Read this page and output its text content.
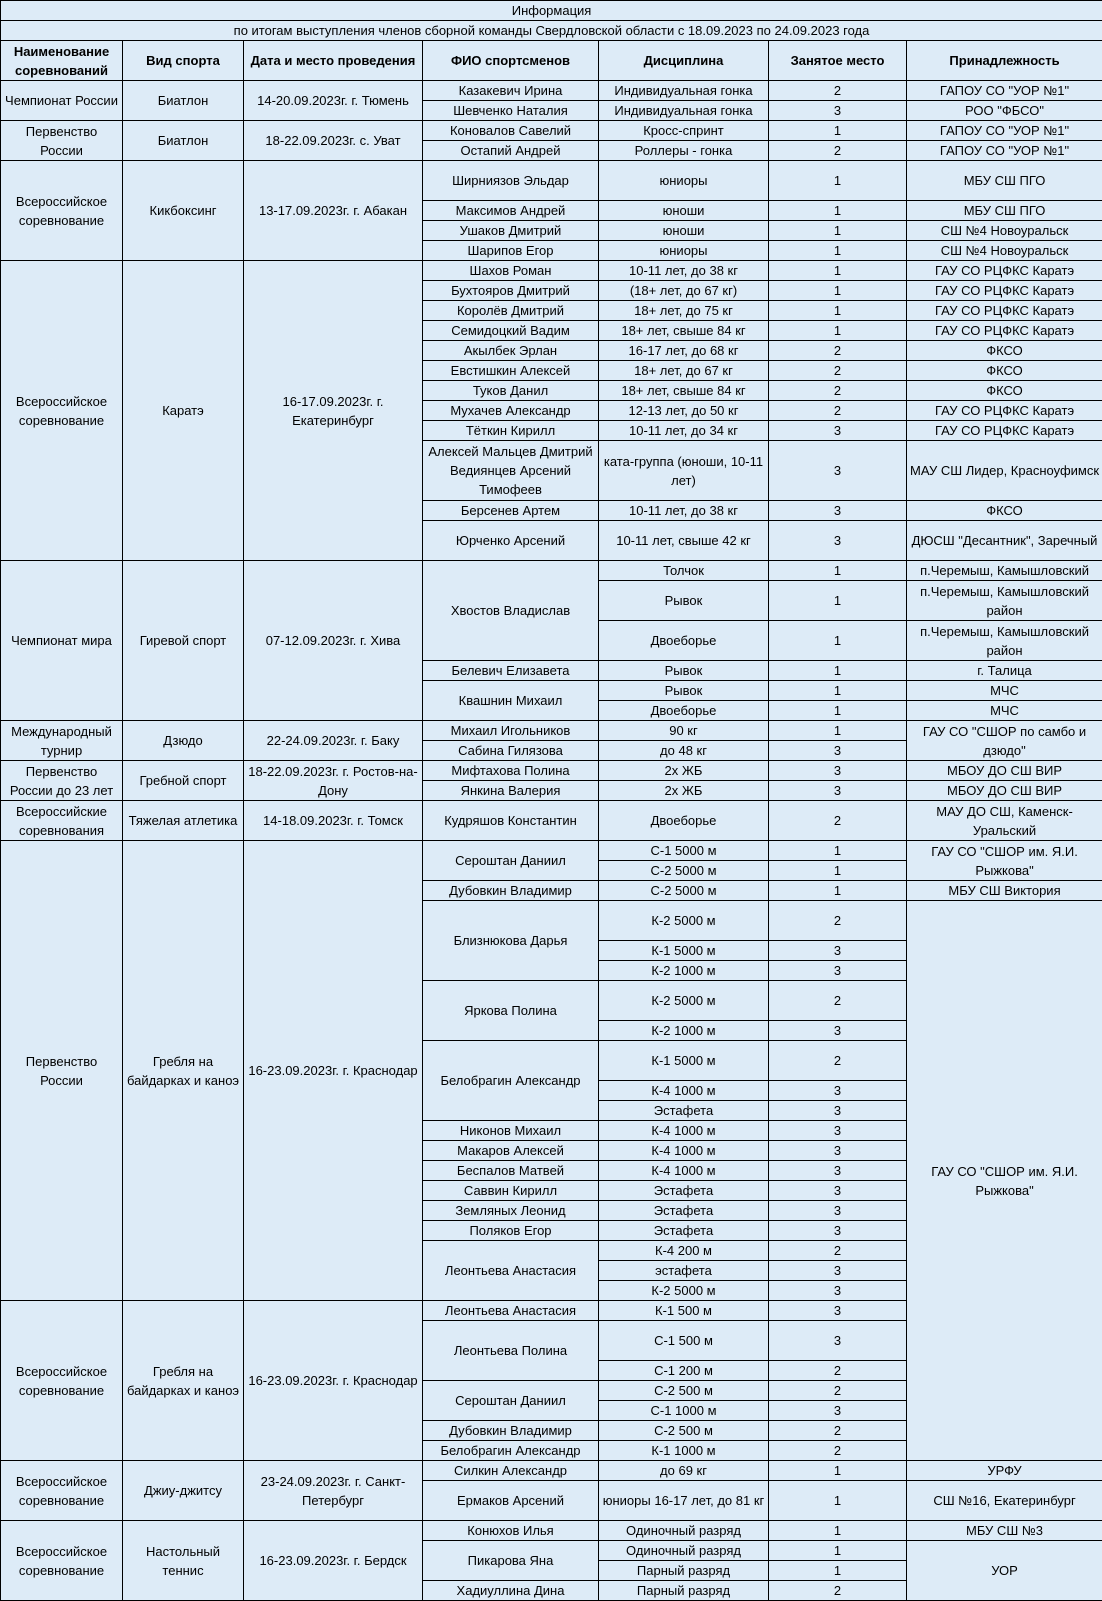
Информация						
по итогам выступления членов сборной команды Свердловской области с 18.09.2023 по 24.09.2023 года						
Наименование соревнований	Вид спорта	Дата и место проведения	ФИО спортсменов	Дисциплина	Занятое место	Принадлежность
Чемпионат России	Биатлон	14-20.09.2023г. г. Тюмень	Казакевич Ирина	Индивидуальная гонка	2	ГАПОУ СО "УОР №1"
			Шевченко Наталия	Индивидуальная гонка	3	РОО "ФБСО"
Первенство России	Биатлон	18-22.09.2023г. с. Уват	Коновалов Савелий	Кросс-спринт	1	ГАПОУ СО "УОР №1"
			Остапий Андрей	Роллеры - гонка	2	ГАПОУ СО "УОР №1"
Всероссийское соревнование	Кикбоксинг	13-17.09.2023г. г. Абакан	Ширниязов Эльдар	юниоры	1	МБУ СШ ПГО
			Максимов Андрей	юноши	1	МБУ СШ ПГО
			Ушаков Дмитрий	юноши	1	СШ №4 Новоуральск
			Шарипов Егор	юниоры	1	СШ №4 Новоуральск
Всероссийское соревнование	Каратэ	16-17.09.2023г. г. Екатеринбург	Шахов Роман	10-11 лет, до 38 кг	1	ГАУ СО РЦФКС Каратэ
			Бухтояров Дмитрий	(18+ лет, до 67 кг)	1	ГАУ СО РЦФКС Каратэ
			Королёв Дмитрий	18+ лет, до 75 кг	1	ГАУ СО РЦФКС Каратэ
			Семидоцкий Вадим	18+ лет, свыше 84 кг	1	ГАУ СО РЦФКС Каратэ
			Акылбек Эрлан	16-17 лет, до 68 кг	2	ФКСО
			Евстишкин Алексей	18+ лет, до 67 кг	2	ФКСО
			Туков Данил	18+ лет, свыше 84 кг	2	ФКСО
			Мухачев Александр	12-13 лет, до 50 кг	2	ГАУ СО РЦФКС Каратэ
			Тёткин Кирилл	10-11 лет, до 34 кг	3	ГАУ СО РЦФКС Каратэ
			Алексей Мальцев Дмитрий Ведиянцев Арсений Тимофеев	ката-группа (юноши, 10-11 лет)	3	МАУ СШ Лидер, Красноуфимск
			Берсенев Артем	10-11 лет, до 38 кг	3	ФКСО
			Юрченко Арсений	10-11 лет, свыше 42 кг	3	ДЮСШ "Десантник", Заречный
Чемпионат мира	Гиревой спорт	07-12.09.2023г. г. Хива	Хвостов Владислав	Толчок	1	п.Черемыш, Камышловский
				Рывок	1	п.Черемыш, Камышловский район
				Двоеборье	1	п.Черемыш, Камышловский район
			Белевич Елизавета	Рывок	1	г. Талица
			Квашнин Михаил	Рывок	1	МЧС
				Двоеборье	1	МЧС
Международный турнир	Дзюдо	22-24.09.2023г. г. Баку	Михаил Игольников	90 кг	1	ГАУ СО "СШОР по самбо и дзюдо"
			Сабина Гилязова	до 48 кг	3	
Первенство России до 23 лет	Гребной спорт	18-22.09.2023г. г. Ростов-на-Дону	Мифтахова Полина	2х ЖБ	3	МБОУ ДО СШ ВИР
			Янкина Валерия	2х ЖБ	3	МБОУ ДО СШ ВИР
Всероссийские соревнования	Тяжелая атлетика	14-18.09.2023г. г. Томск	Кудряшов Константин	Двоеборье	2	МАУ ДО СШ, Каменск-Уральский
Первенство России	Гребля на байдарках и каноэ	16-23.09.2023г. г. Краснодар	Сероштан Даниил	С-1 5000 м	1	ГАУ СО "СШОР им. Я.И. Рыжкова"
				С-2 5000 м	1	
			Дубовкин Владимир	С-2 5000 м	1	МБУ СШ Виктория
			Близнюкова Дарья	К-2 5000 м	2	ГАУ СО "СШОР им. Я.И. Рыжкова"
				К-1 5000 м	3	
				К-2 1000 м	3	
			Яркова Полина	К-2 5000 м	2	
				К-2 1000 м	3	
			Белобрагин Александр	К-1 5000 м	2	
				К-4 1000 м	3	
				Эстафета	3	
			Никонов Михаил	К-4 1000 м	3	
			Макаров Алексей	К-4 1000 м	3	
			Беспалов Матвей	К-4 1000 м	3	
			Саввин Кирилл	Эстафета	3	
			Земляных Леонид	Эстафета	3	
			Поляков Егор	Эстафета	3	
			Леонтьева Анастасия	К-4 200 м	2	
				эстафета	3	
				К-2 5000 м	3	
Всероссийское соревнование	Гребля на байдарках и каноэ	16-23.09.2023г. г. Краснодар	Леонтьева Анастасия	К-1 500 м	3	
			Леонтьева Полина	С-1 500 м	3	
				С-1 200 м	2	
			Сероштан Даниил	С-2 500 м	2	
				С-1 1000 м	3	
			Дубовкин Владимир	С-2 500 м	2	
			Белобрагин Александр	К-1 1000 м	2	
Всероссийское соревнование	Джиу-джитсу	23-24.09.2023г. г. Санкт-Петербург	Силкин Александр	до 69 кг	1	УРФУ
			Ермаков Арсений	юниоры 16-17 лет, до 81 кг	1	СШ №16, Екатеринбург
Всероссийское соревнование	Настольный теннис	16-23.09.2023г. г. Бердск	Конюхов Илья	Одиночный разряд	1	МБУ СШ №3
			Пикарова Яна	Одиночный разряд	1	УОР
				Парный разряд	1	
			Хадиуллина Дина	Парный разряд	2	
